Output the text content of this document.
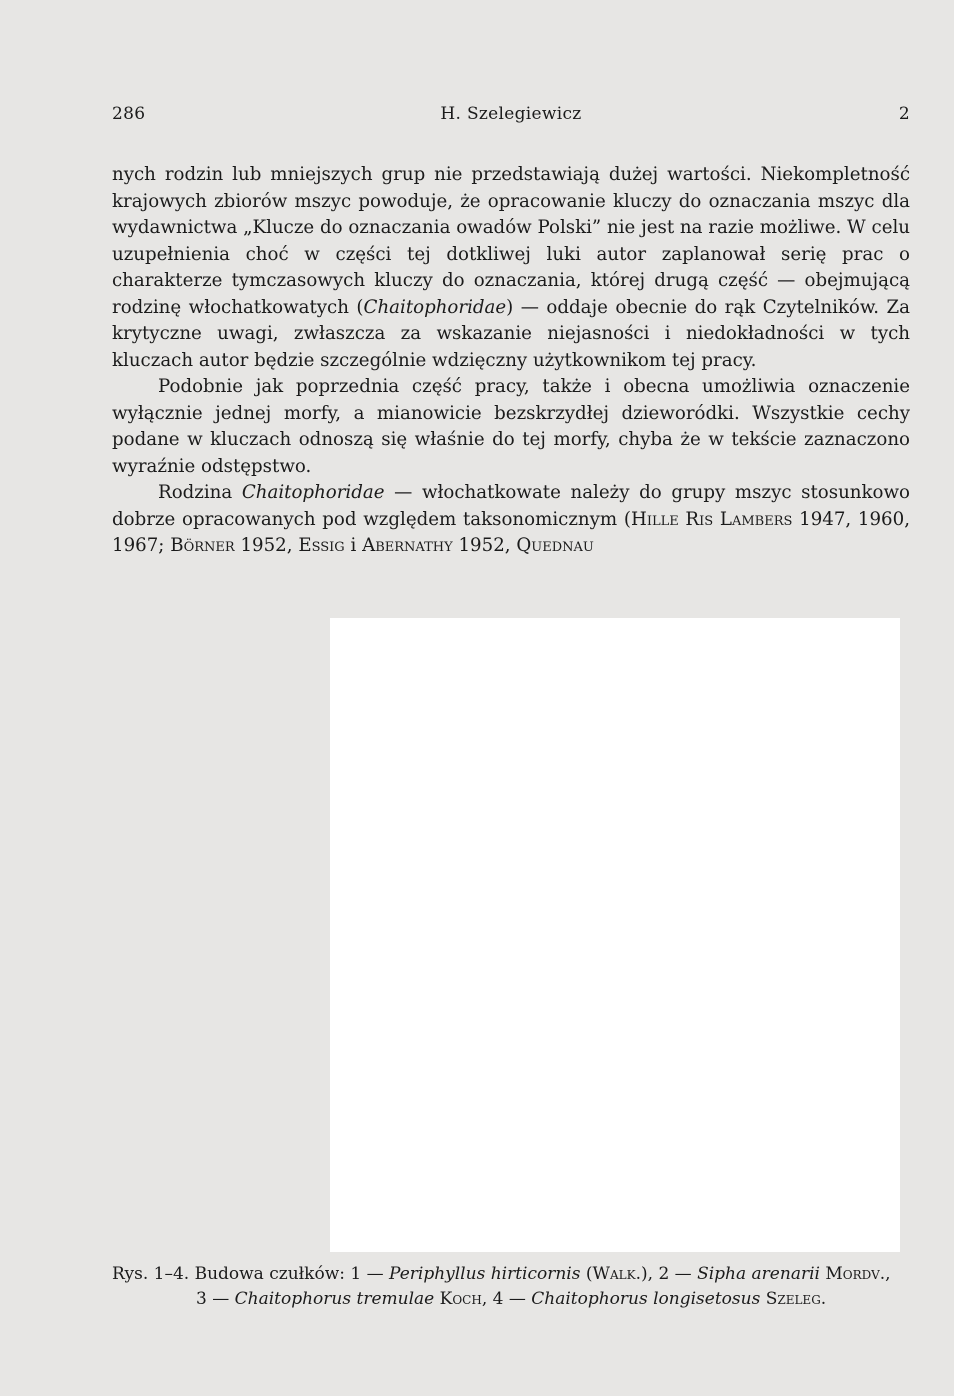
286	H. Szelegiewicz	2

nych rodzin lub mniejszych grup nie przedstawiają dużej wartości. Niekompletność krajowych zbiorów mszyc powoduje, że opracowanie kluczy do oznaczania mszyc dla wydawnictwa „Klucze do oznaczania owadów Polski” nie jest na razie możliwe. W celu uzupełnienia choć w części tej dotkliwej luki autor zaplanował serię prac o charakterze tymczasowych kluczy do oznaczania, której drugą część — obejmującą rodzinę włochatkowatych (Chaitophoridae) — oddaje obecnie do rąk Czytelników. Za krytyczne uwagi, zwłaszcza za wskazanie niejasności i niedokładności w tych kluczach autor będzie szczególnie wdzięczny użytkownikom tej pracy.

Podobnie jak poprzednia część pracy, także i obecna umożliwia oznaczenie wyłącznie jednej morfy, a mianowicie bezskrzydłej dzieworódki. Wszystkie cechy podane w kluczach odnoszą się właśnie do tej morfy, chyba że w tekście zaznaczono wyraźnie odstępstwo.

Rodzina Chaitophoridae — włochatkowate należy do grupy mszyc stosunkowo dobrze opracowanych pod względem taksonomicznym (Hille Ris Lambers 1947, 1960, 1967; Börner 1952, Essig i Abernathy 1952, Quednau

Rys. 1–4. Budowa czułków: 1 — Periphyllus hirticornis (Walk.), 2 — Sipha arenarii Mordv.,
3 — Chaitophorus tremulae Koch, 4 — Chaitophorus longisetosus Szeleg.
